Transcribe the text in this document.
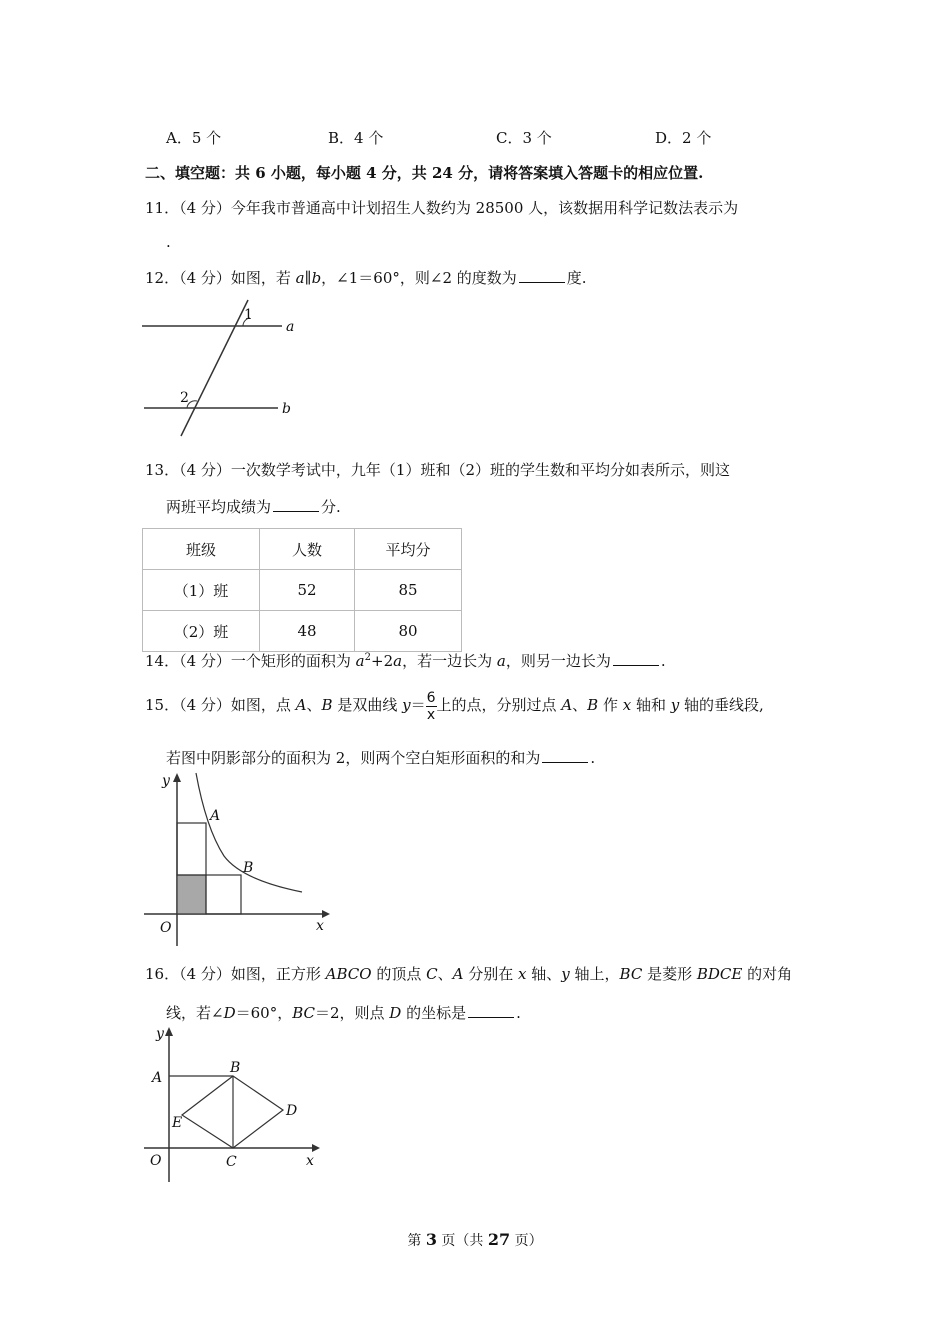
A．5 个	B．4 个	C．3 个	D．2 个
二、填空题：共 6 小题，每小题 4 分，共 24 分，请将答案填入答题卡的相应位置.
11．（4 分）今年我市普通高中计划招生人数约为 28500 人，该数据用科学记数法表示为
.
12．（4 分）如图，若 a∥b，∠1＝60°，则∠2 的度数为	度.
1
2
a
b
13．（4 分）一次数学考试中，九年（1）班和（2）班的学生数和平均分如表所示，则这
两班平均成绩为	分.
班级	人数	平均分
（1）班	52	85
（2）班	48	80
14．（4 分）一个矩形的面积为 $a^2+2a$，若一边长为 a，则另一边长为	.
15．（4 分）如图，点 A、B 是双曲线 $y= \frac{6}{x}$ 上的点，分别过点 A、B 作 x 轴和 y 轴的垂线段,
若图中阴影部分的面积为 2，则两个空白矩形面积的和为	.
y
x
O
A
B
16．（4 分）如图，正方形 ABCO 的顶点 C、A 分别在 x 轴、y 轴上，BC 是菱形 BDCE 的对角
线，若∠D＝60°，BC＝2，则点 D 的坐标是	.
y
x
O
A
B
C
D
E
第 3 页（共 27 页）
